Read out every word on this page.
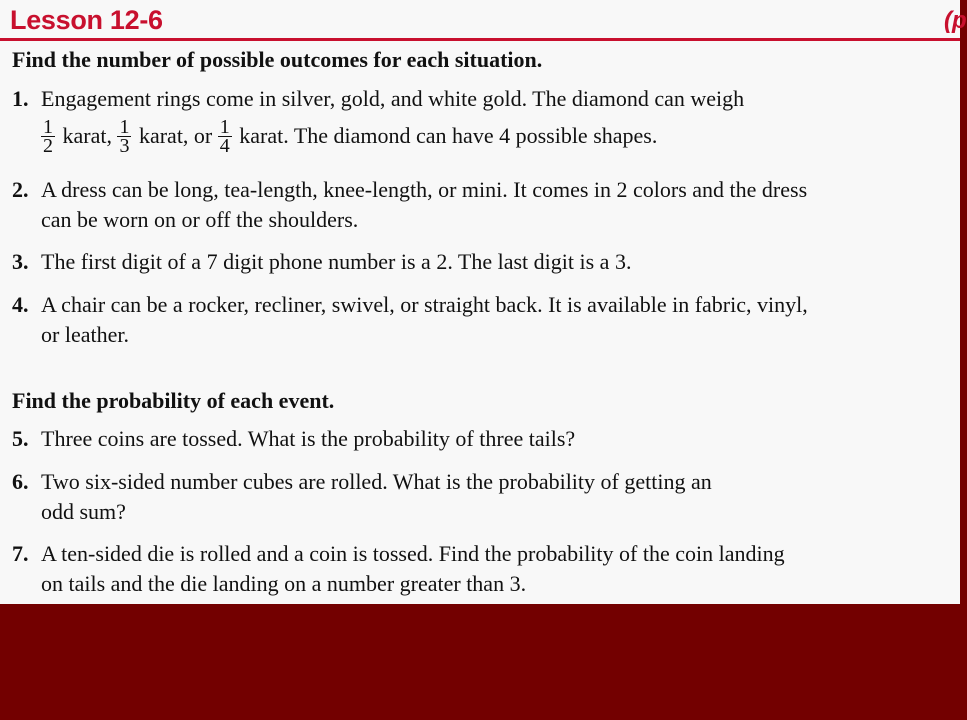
Lesson 12-6	(p
Find the number of possible outcomes for each situation.
1. Engagement rings come in silver, gold, and white gold. The diamond can weigh
$\frac{1}{2}$ karat, $\frac{1}{3}$ karat, or $\frac{1}{4}$ karat. The diamond can have 4 possible shapes.
2. A dress can be long, tea-length, knee-length, or mini. It comes in 2 colors and the dress
can be worn on or off the shoulders.
3. The first digit of a 7 digit phone number is a 2. The last digit is a 3.
4. A chair can be a rocker, recliner, swivel, or straight back. It is available in fabric, vinyl,
or leather.
Find the probability of each event.
5. Three coins are tossed. What is the probability of three tails?
6. Two six-sided number cubes are rolled. What is the probability of getting an
odd sum?
7. A ten-sided die is rolled and a coin is tossed. Find the probability of the coin landing
on tails and the die landing on a number greater than 3.
